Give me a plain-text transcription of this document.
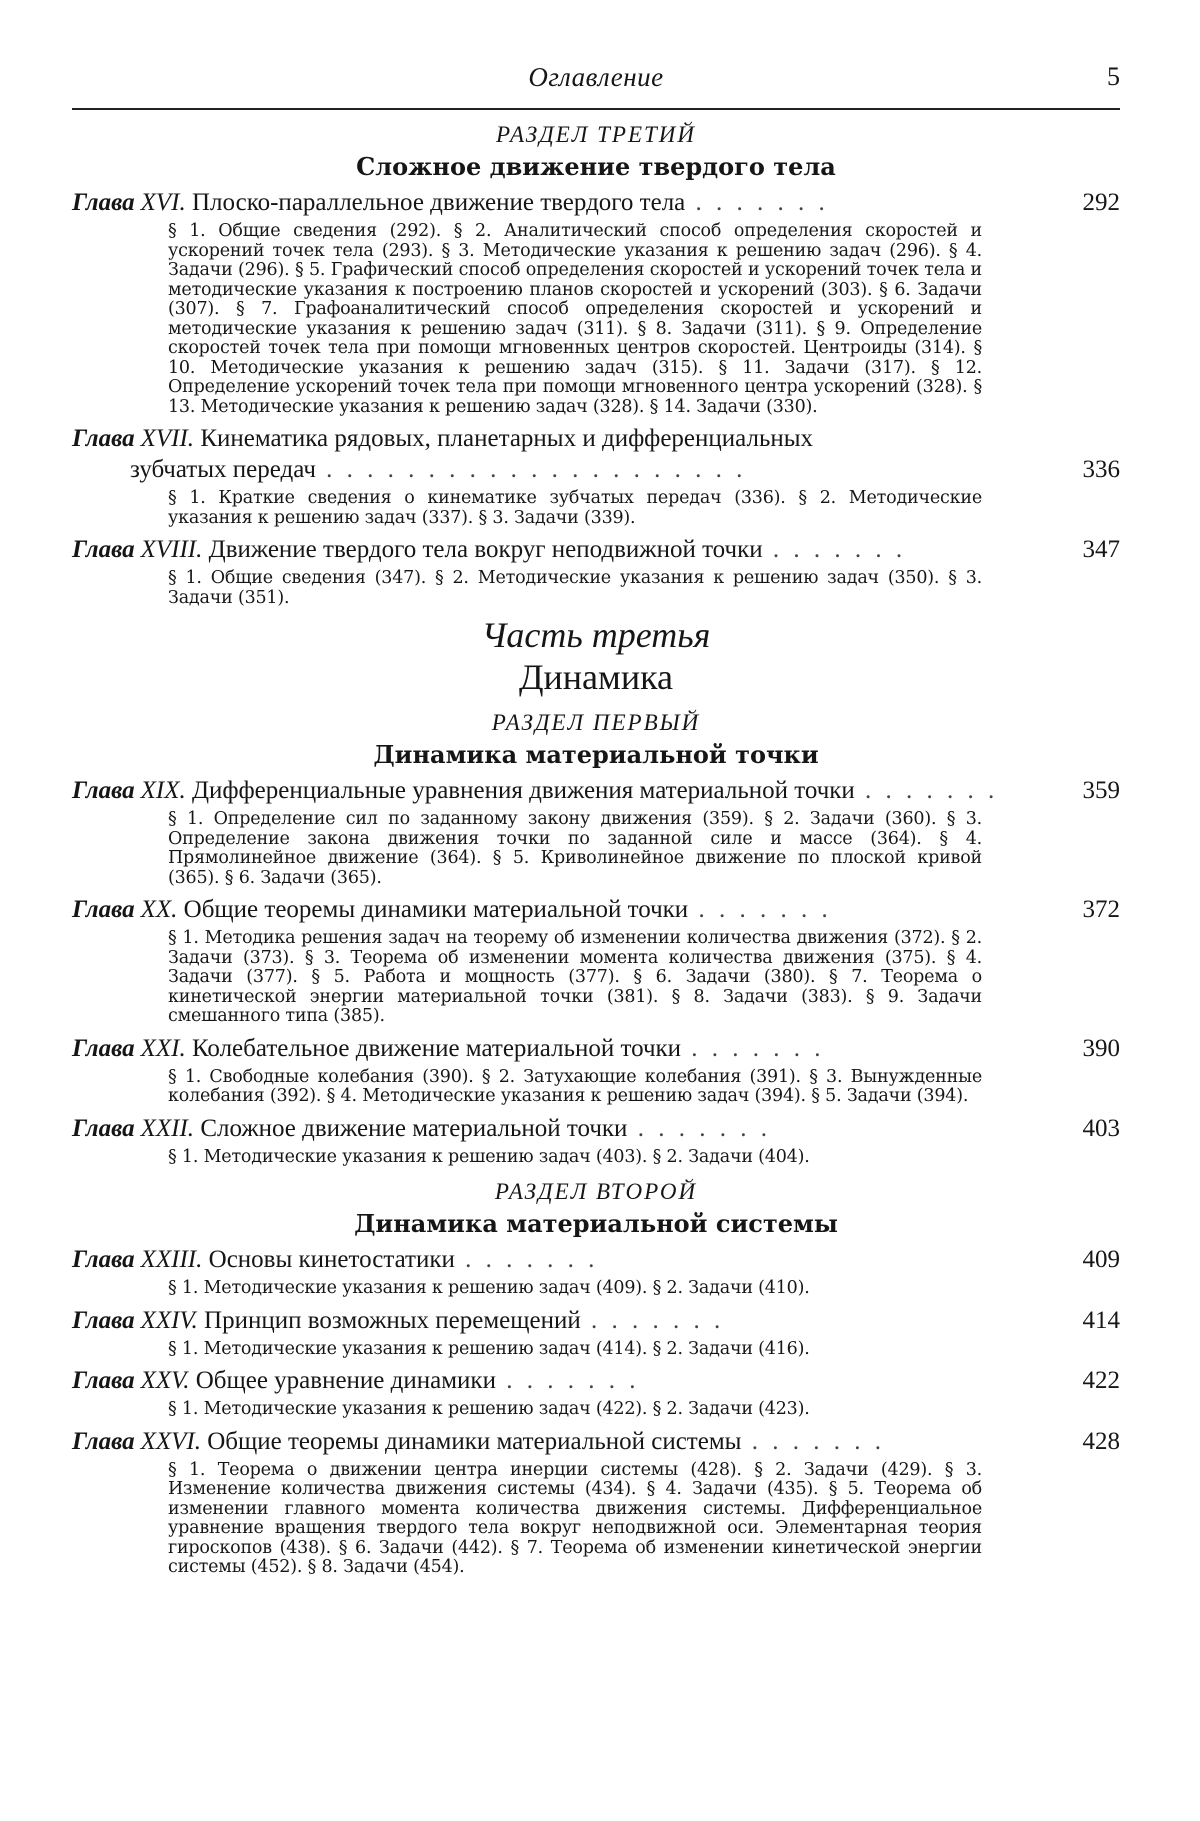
Оглавление	5
РАЗДЕЛ ТРЕТИЙ
Сложное движение твердого тела
Глава XVI. Плоско-параллельное движение твердого тела . . . . . . .	292
§ 1. Общие сведения (292). § 2. Аналитический способ определения скоростей и ускорений точек тела (293). § 3. Методические указания к решению задач (296). § 4. Задачи (296). § 5. Графический способ определения скоростей и ускорений точек тела и методические указания к построению планов скоростей и ускорений (303). § 6. Задачи (307). § 7. Графоаналитический способ определения скоростей и ускорений и методические указания к решению задач (311). § 8. Задачи (311). § 9. Определение скоростей точек тела при помощи мгновенных центров скоростей. Центроиды (314). § 10. Методические указания к решению задач (315). § 11. Задачи (317). § 12. Определение ускорений точек тела при помощи мгновенного центра ускорений (328). § 13. Методические указания к решению задач (328). § 14. Задачи (330).
Глава XVII. Кинематика рядовых, планетарных и дифференциальных
зубчатых передач . . . . . . . . . . . . . . . . . . . . .	336
§ 1. Краткие сведения о кинематике зубчатых передач (336). § 2. Методические указания к решению задач (337). § 3. Задачи (339).
Глава XVIII. Движение твердого тела вокруг неподвижной точки . . . . . . .	347
§ 1. Общие сведения (347). § 2. Методические указания к решению задач (350). § 3. Задачи (351).
Часть третья
Динамика
РАЗДЕЛ ПЕРВЫЙ
Динамика материальной точки
Глава XIX. Дифференциальные уравнения движения материальной точки . . . . . . .	359
§ 1. Определение сил по заданному закону движения (359). § 2. Задачи (360). § 3. Определение закона движения точки по заданной силе и массе (364). § 4. Прямолинейное движение (364). § 5. Криволинейное движение по плоской кривой (365). § 6. Задачи (365).
Глава XX. Общие теоремы динамики материальной точки . . . . . . .	372
§ 1. Методика решения задач на теорему об изменении количества движения (372). § 2. Задачи (373). § 3. Теорема об изменении момента количества движения (375). § 4. Задачи (377). § 5. Работа и мощность (377). § 6. Задачи (380). § 7. Теорема о кинетической энергии материальной точки (381). § 8. Задачи (383). § 9. Задачи смешанного типа (385).
Глава XXI. Колебательное движение материальной точки . . . . . . .	390
§ 1. Свободные колебания (390). § 2. Затухающие колебания (391). § 3. Вынужденные колебания (392). § 4. Методические указания к решению задач (394). § 5. Задачи (394).
Глава XXII. Сложное движение материальной точки . . . . . . .	403
§ 1. Методические указания к решению задач (403). § 2. Задачи (404).
РАЗДЕЛ ВТОРОЙ
Динамика материальной системы
Глава XXIII. Основы кинетостатики . . . . . . .	409
§ 1. Методические указания к решению задач (409). § 2. Задачи (410).
Глава XXIV. Принцип возможных перемещений . . . . . . .	414
§ 1. Методические указания к решению задач (414). § 2. Задачи (416).
Глава XXV. Общее уравнение динамики . . . . . . .	422
§ 1. Методические указания к решению задач (422). § 2. Задачи (423).
Глава XXVI. Общие теоремы динамики материальной системы . . . . . . .	428
§ 1. Теорема о движении центра инерции системы (428). § 2. Задачи (429). § 3. Изменение количества движения системы (434). § 4. Задачи (435). § 5. Теорема об изменении главного момента количества движения системы. Дифференциальное уравнение вращения твердого тела вокруг неподвижной оси. Элементарная теория гироскопов (438). § 6. Задачи (442). § 7. Теорема об изменении кинетической энергии системы (452). § 8. Задачи (454).
